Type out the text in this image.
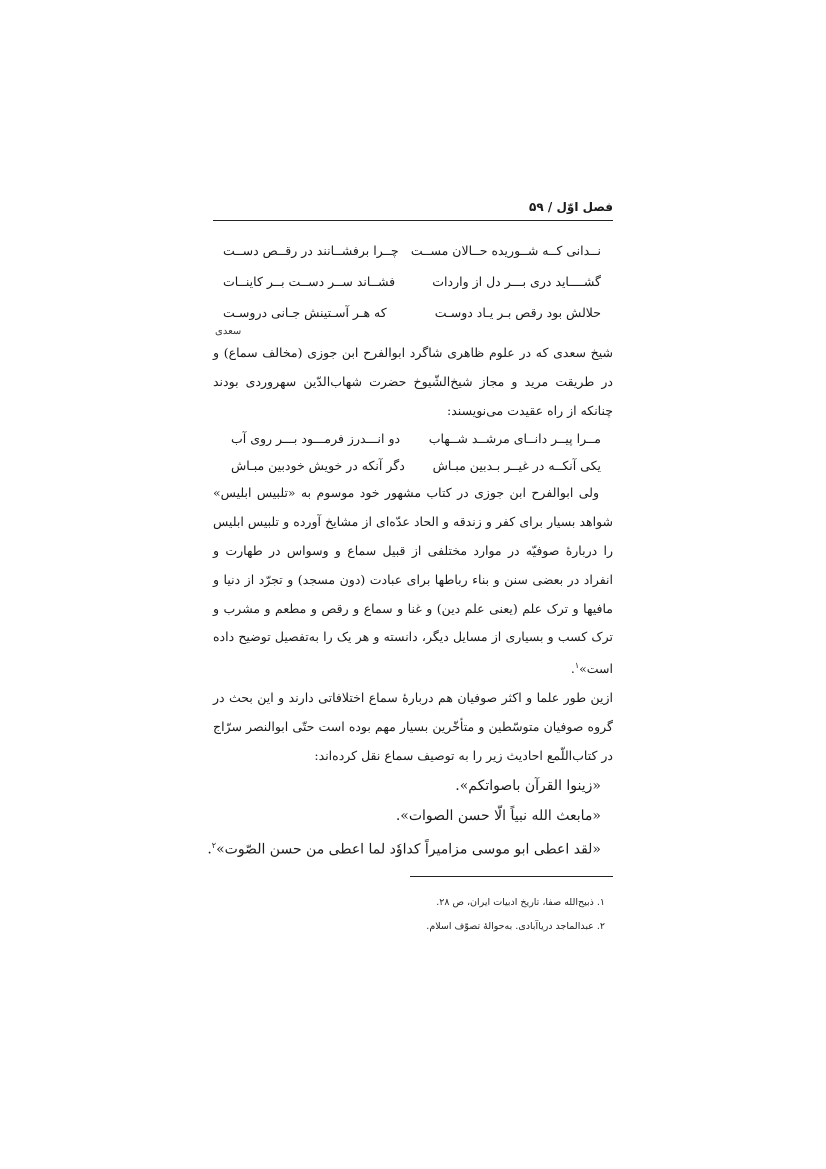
فصل اوّل / ۵۹
نــدانی کــه شــوریده حــالان مســت
چــرا برفشــانند در رقــص دســت
گشــــاید دری بـــر دل از واردات
فشــاند ســر دســت بــر کاینــات
حلالش بود رقص بـر یـاد دوسـت
که هـر آسـتینش جـانی دروسـت
سعدی

شیخ سعدی که در علوم ظاهری شاگرد ابوالفرح ابن جوزی (مخالف سماع) و در طریقت مرید و مجاز شیخ‌الشّیوخ حضرت شهاب‌الدّین سهروردی بودند چنانکه از راه عقیدت می‌نویسند:

مــرا پیــر دانــای مرشــد شــهاب
دو انـــدرز فرمـــود بـــر روی آب
یکی آنکــه در غیــر بـدبین مبـاش
دگر آنکه در خویش خودبین مبـاش

ولی ابوالفرح ابن جوزی در کتاب مشهور خود موسوم به «تلبیس ابلیس» شواهد بسیار برای کفر و زندقه و الحاد عدّه‌ای از مشایخ آورده و تلبیس ابلیس را دربارهٔ صوفیّه در موارد مختلفی از قبیل سماع و وسواس در طهارت و انفراد در بعضی سنن و بناء رباطها برای عبادت (دون مسجد) و تجرّد از دنیا و مافیها و ترک علم (یعنی علم دین) و غنا و سماع و رقص و مطعم و مشرب و ترک کسب و بسیاری از مسایل دیگر، دانسته و هر یک را به‌تفصیل توضیح داده است»$^۱$.

ازین طور علما و اکثر صوفیان هم دربارهٔ سماع اختلافاتی دارند و این بحث در گروه صوفیان متوسّطین و متأخّرین بسیار مهم بوده است حتّی ابوالنصر سرّاج در کتاب‌اللّمع احادیث زیر را به توصیف سماع نقل کرده‌اند:

«زینوا القرآن باصواتکم».
«مابعث الله نبیاً الّا حسن الصوات».
«لقد اعطی ابو موسی مزامیراً کداوٗد لما اعطی من حسن الصّوت»$^۲$.
۱. ذبیح‌الله صفا، تاریخ ادبیات ایران، ص ۲۸.
۲. عبدالماجد دریاآبادی. به‌حوالهٔ تصوّف اسلام.
